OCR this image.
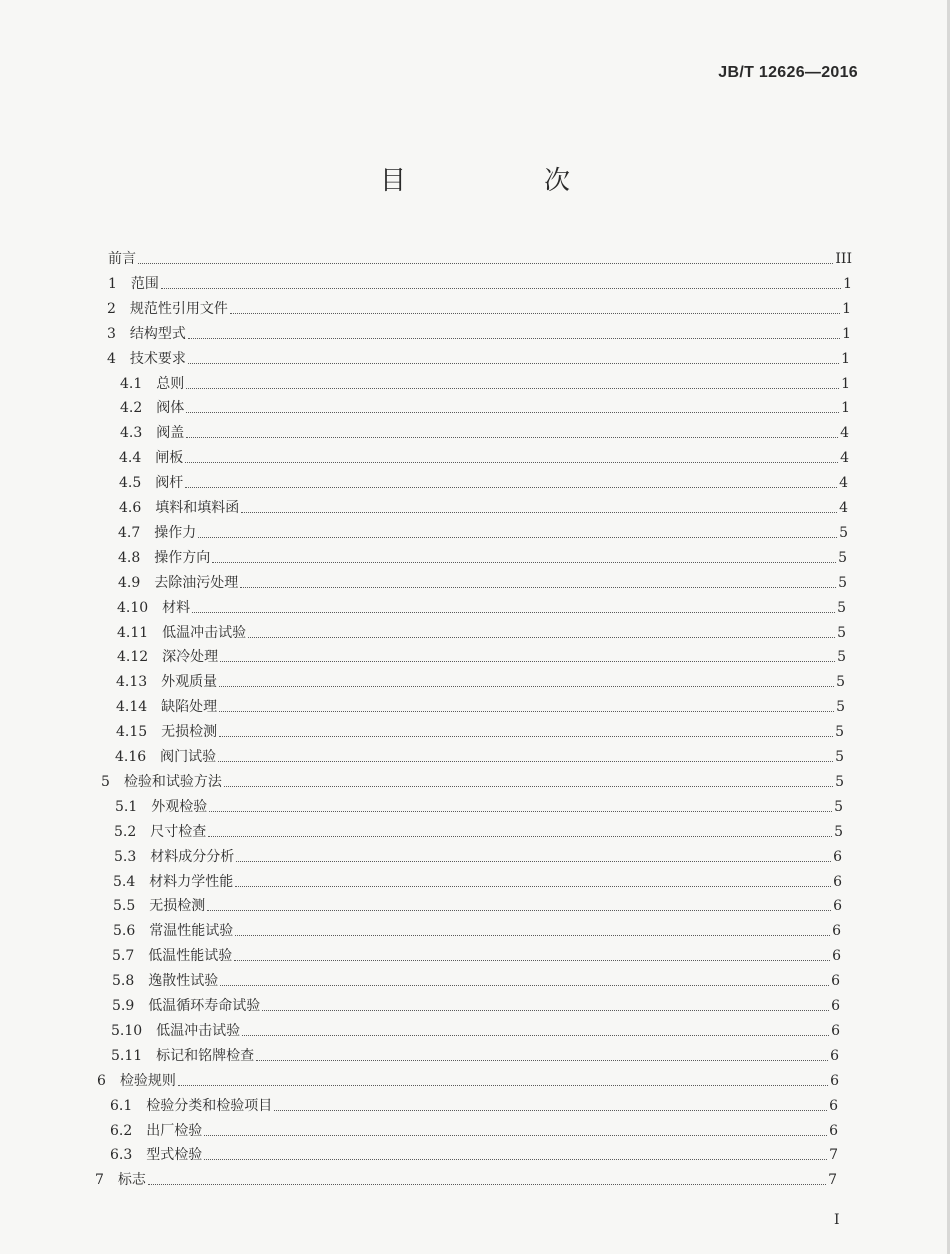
JB/T 12626—2016
目　次
前言	III
1 范围	1
2 规范性引用文件	1
3 结构型式	1
4 技术要求	1
4.1 总则	1
4.2 阀体	1
4.3 阀盖	4
4.4 闸板	4
4.5 阀杆	4
4.6 填料和填料函	4
4.7 操作力	5
4.8 操作方向	5
4.9 去除油污处理	5
4.10 材料	5
4.11 低温冲击试验	5
4.12 深冷处理	5
4.13 外观质量	5
4.14 缺陷处理	5
4.15 无损检测	5
4.16 阀门试验	5
5 检验和试验方法	5
5.1 外观检验	5
5.2 尺寸检查	5
5.3 材料成分分析	6
5.4 材料力学性能	6
5.5 无损检测	6
5.6 常温性能试验	6
5.7 低温性能试验	6
5.8 逸散性试验	6
5.9 低温循环寿命试验	6
5.10 低温冲击试验	6
5.11 标记和铭牌检查	6
6 检验规则	6
6.1 检验分类和检验项目	6
6.2 出厂检验	6
6.3 型式检验	7
7 标志	7
I
